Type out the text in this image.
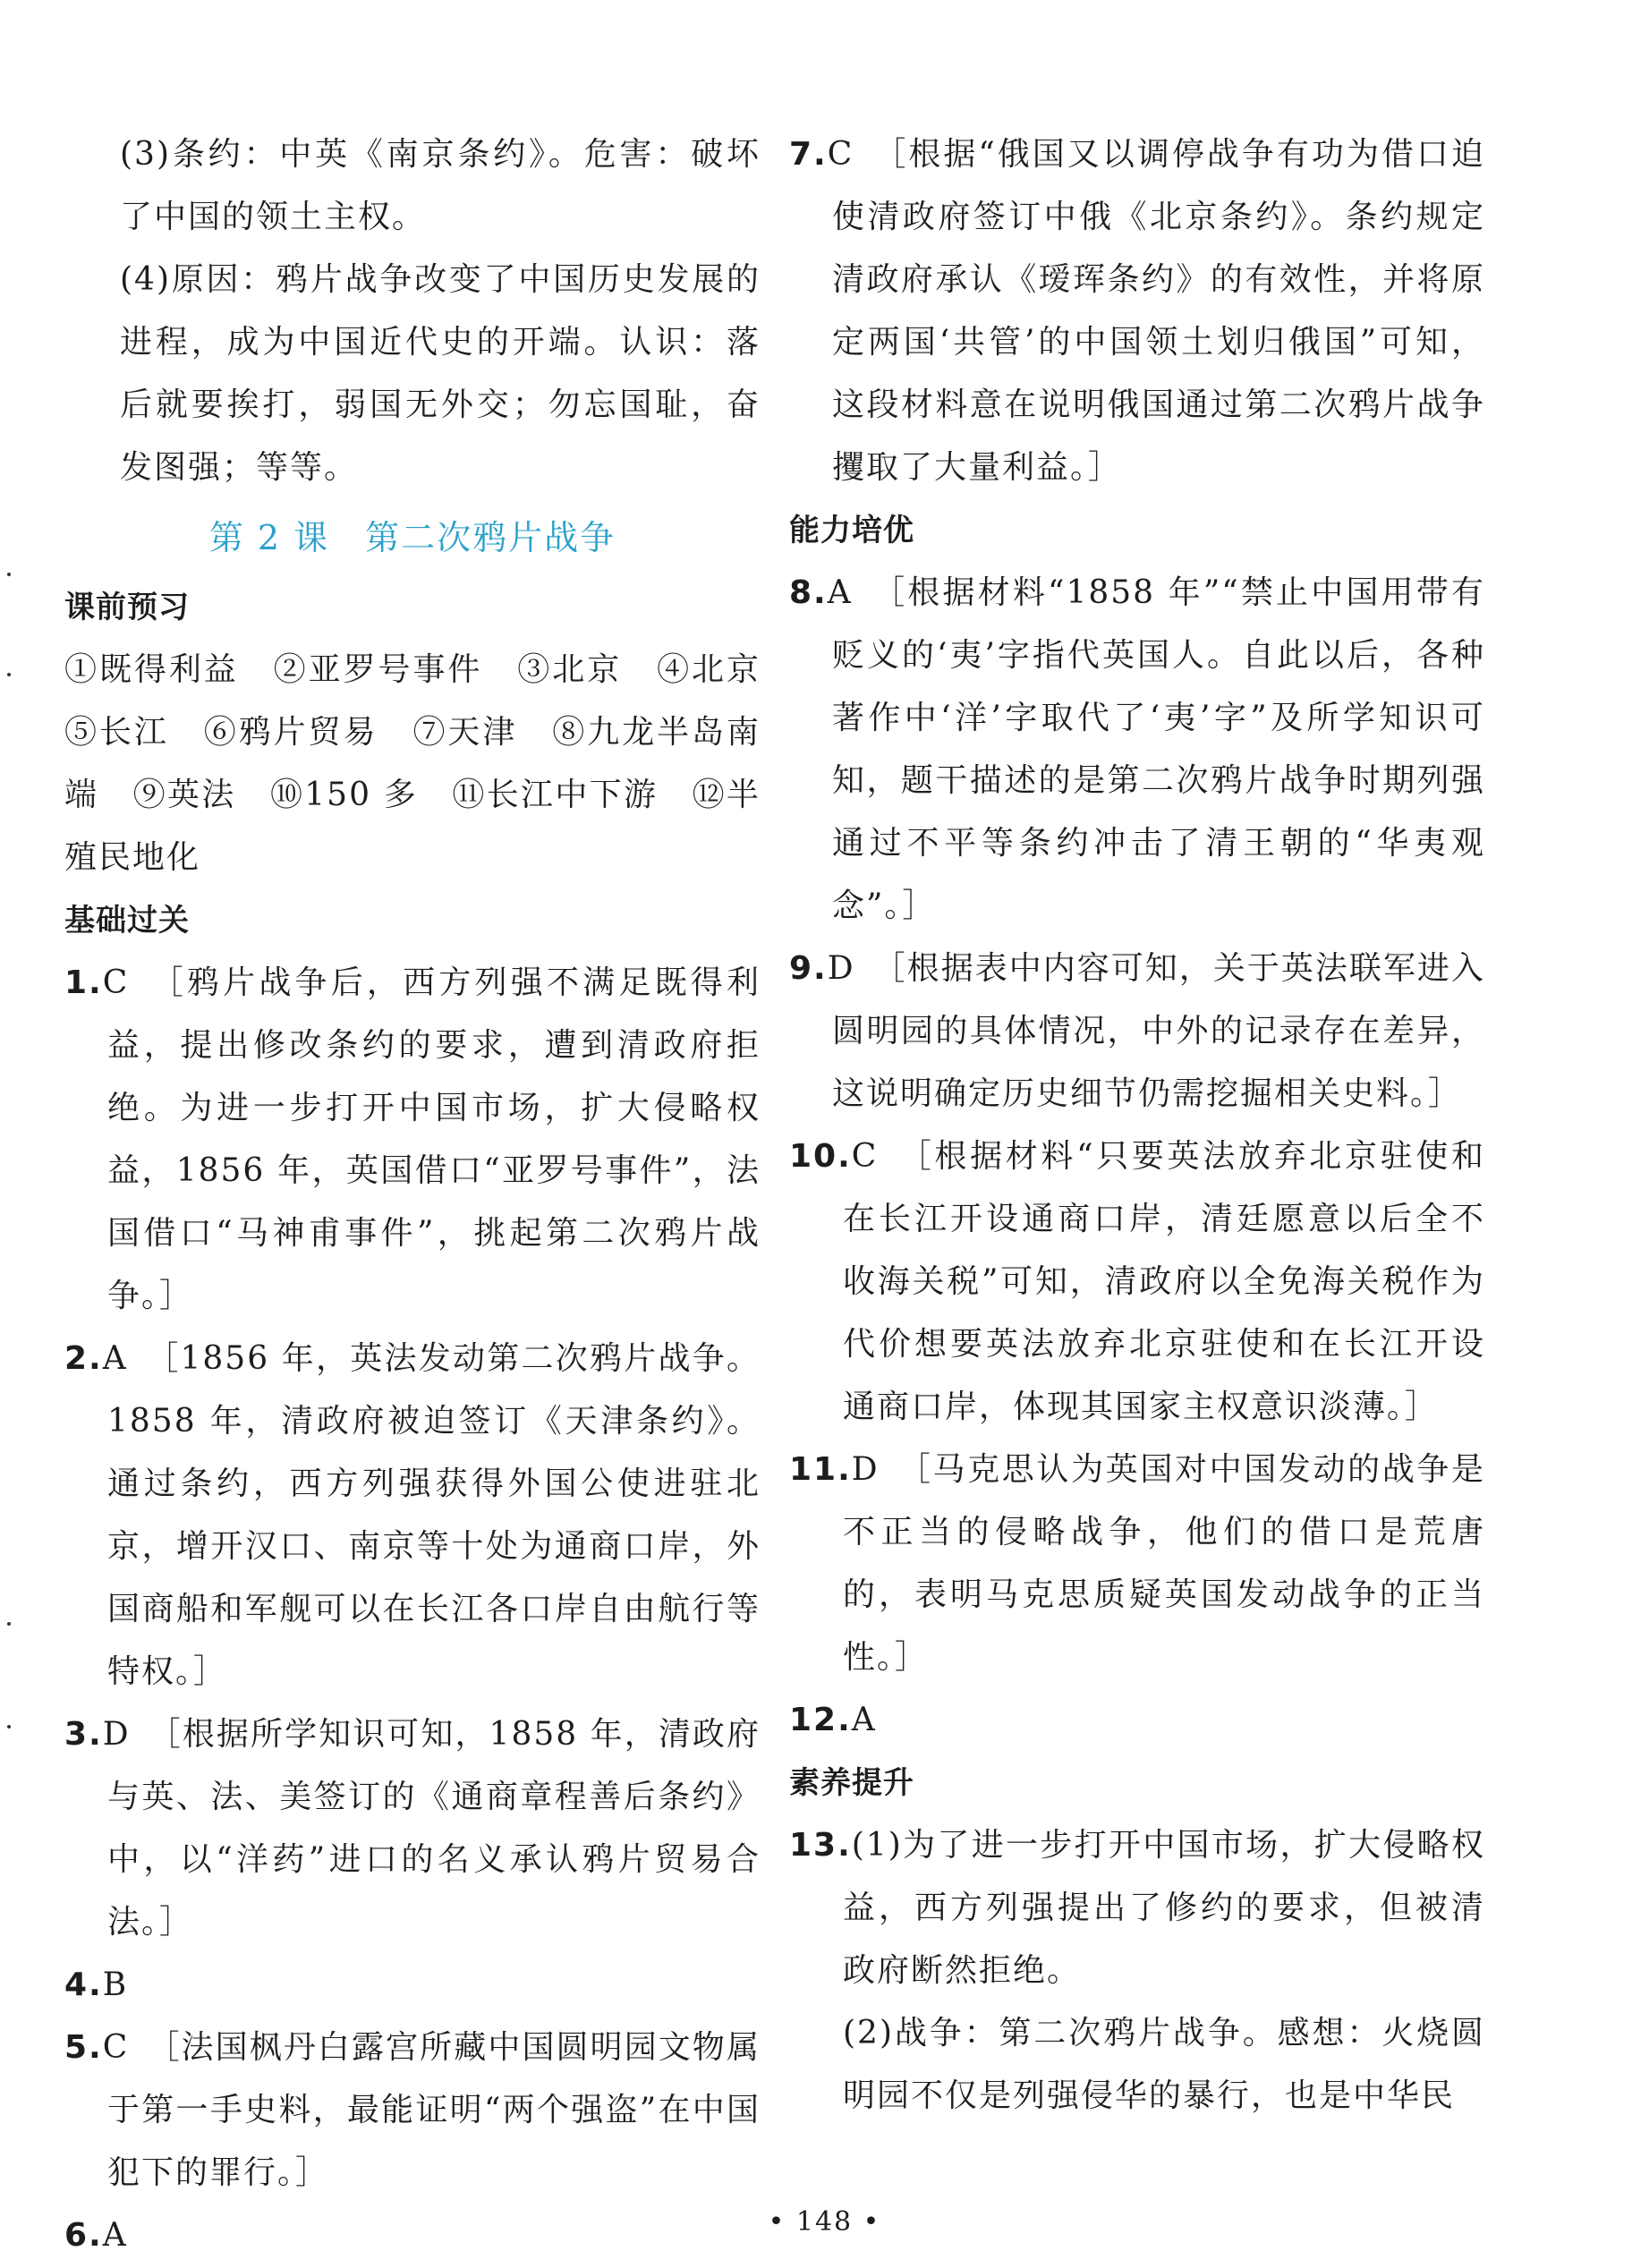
(3)条约：中英《南京条约》。危害：破坏了中国的领土主权。

(4)原因：鸦片战争改变了中国历史发展的进程，成为中国近代史的开端。认识：落后就要挨打，弱国无外交；勿忘国耻，奋发图强；等等。

第 2 课　第二次鸦片战争

课前预习

①既得利益　②亚罗号事件　③北京　④北京　⑤长江　⑥鸦片贸易　⑦天津　⑧九龙半岛南端　⑨英法　⑩150 多　⑪长江中下游　⑫半殖民地化

基础过关

1.C　 ［鸦片战争后，西方列强不满足既得利益，提出修改条约的要求，遭到清政府拒绝。为进一步打开中国市场，扩大侵略权益，1856 年，英国借口“亚罗号事件”，法国借口“马神甫事件”，挑起第二次鸦片战争。］

2.A　 ［1856 年，英法发动第二次鸦片战争。1858 年，清政府被迫签订《天津条约》。通过条约，西方列强获得外国公使进驻北京，增开汉口、南京等十处为通商口岸，外国商船和军舰可以在长江各口岸自由航行等特权。］

3.D　 ［根据所学知识可知，1858 年，清政府与英、法、美签订的《通商章程善后条约》中，以“洋药”进口的名义承认鸦片贸易合法。］

4.B

5.C　 ［法国枫丹白露宫所藏中国圆明园文物属于第一手史料，最能证明“两个强盗”在中国犯下的罪行。］

6.A

7.C　 ［根据“俄国又以调停战争有功为借口迫使清政府签订中俄《北京条约》。条约规定清政府承认《瑷珲条约》的有效性，并将原定两国‘共管’的中国领土划归俄国”可知，这段材料意在说明俄国通过第二次鸦片战争攫取了大量利益。］

能力培优

8.A　 ［根据材料“1858 年”“禁止中国用带有贬义的‘夷’字指代英国人。自此以后，各种著作中‘洋’字取代了‘夷’字”及所学知识可知，题干描述的是第二次鸦片战争时期列强通过不平等条约冲击了清王朝的“华夷观念”。］

9.D　 ［根据表中内容可知，关于英法联军进入圆明园的具体情况，中外的记录存在差异，这说明确定历史细节仍需挖掘相关史料。］

10.C　 ［根据材料“只要英法放弃北京驻使和在长江开设通商口岸，清廷愿意以后全不收海关税”可知，清政府以全免海关税作为代价想要英法放弃北京驻使和在长江开设通商口岸，体现其国家主权意识淡薄。］

11.D　 ［马克思认为英国对中国发动的战争是不正当的侵略战争，他们的借口是荒唐的，表明马克思质疑英国发动战争的正当性。］

12.A

素养提升

13.(1)为了进一步打开中国市场，扩大侵略权益，西方列强提出了修约的要求，但被清政府断然拒绝。

(2)战争：第二次鸦片战争。感想：火烧圆明园不仅是列强侵华的暴行，也是中华民

• 148 •
